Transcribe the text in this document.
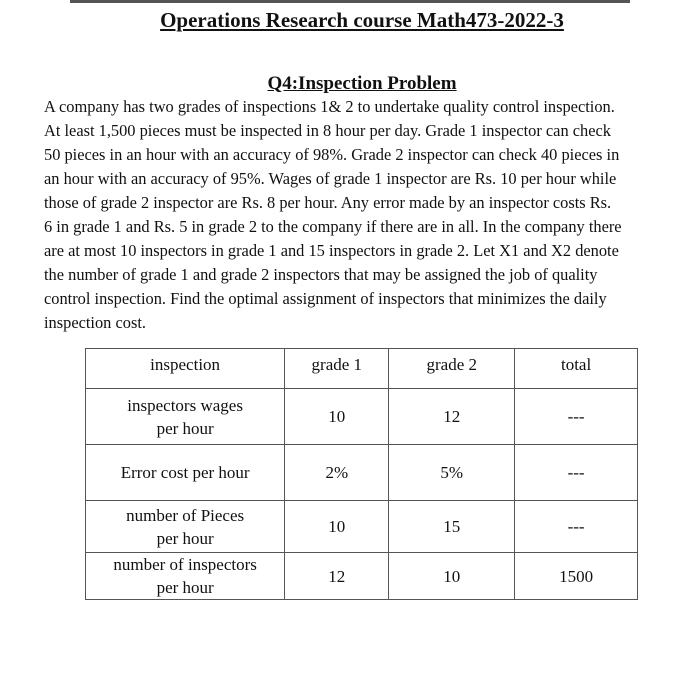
Operations Research course Math473-2022-3
Q4:Inspection Problem

A company has two grades of inspections 1& 2 to undertake quality control inspection.
At least 1,500 pieces must be inspected in 8 hour per day. Grade 1 inspector can check
50 pieces in an hour with an accuracy of 98%. Grade 2 inspector can check 40 pieces in
an hour with an accuracy of 95%. Wages of grade 1 inspector are Rs. 10 per hour while
those of grade 2 inspector are Rs. 8 per hour. Any error made by an inspector costs Rs.
6 in grade 1 and Rs. 5 in grade 2 to the company if there are in all. In the company there
are at most 10 inspectors in grade 1 and 15 inspectors in grade 2. Let X1 and X2 denote
the number of grade 1 and grade 2 inspectors that may be assigned the job of quality
control inspection. Find the optimal assignment of inspectors that minimizes the daily
inspection cost.

inspection	grade 1	grade 2	total

inspectors wages
per hour	10	12	---

Error cost per hour	2%	5%	---

number of Pieces
per hour	10	15	---

number of inspectors
per hour	12	10	1500
